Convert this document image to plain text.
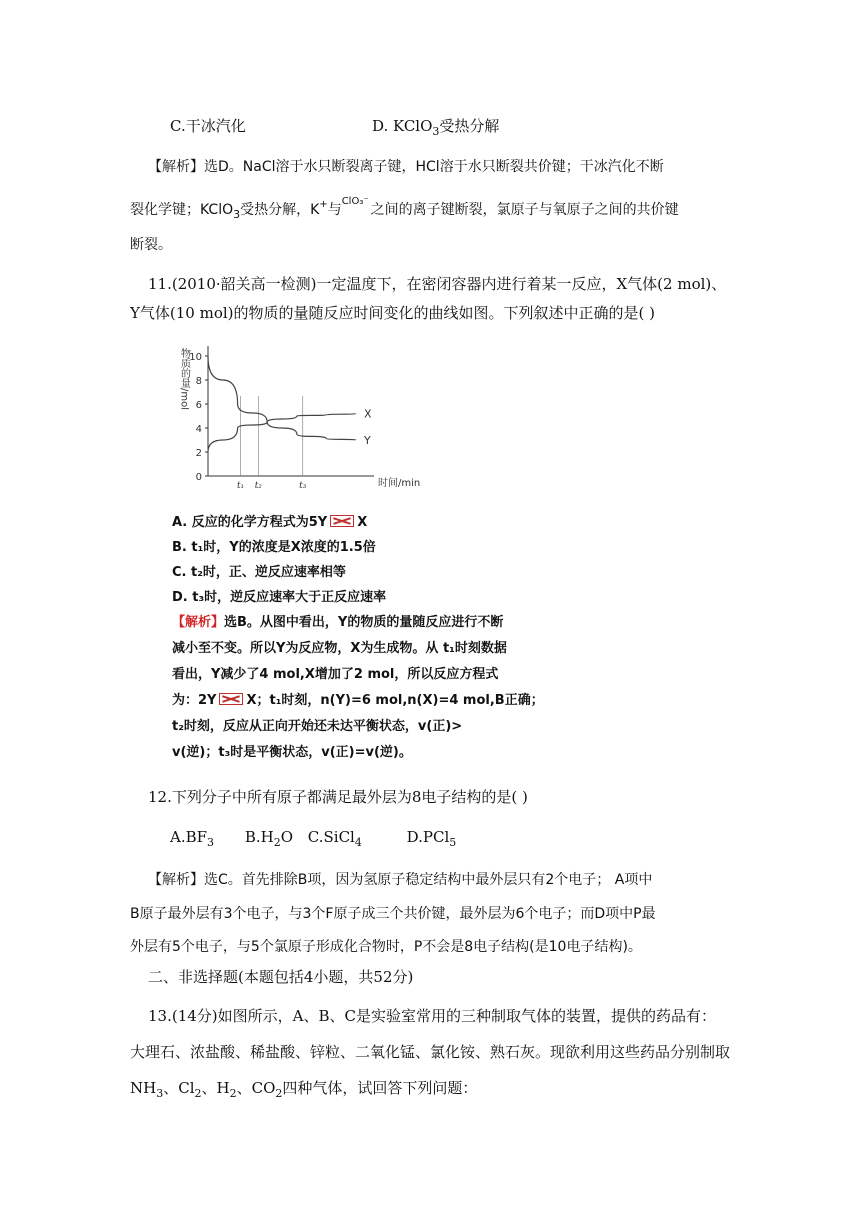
C.干冰汽化	D. KClO$_3$受热分解
【解析】选D。NaCl溶于水只断裂离子键，HCl溶于水只断裂共价键；干冰汽化不断
裂化学键；KClO$_3$受热分解，K+与$^{ClO_3^-}$之间的离子键断裂，氯原子与氧原子之间的共价键
断裂。
11.(2010·韶关高一检测)一定温度下，在密闭容器内进行着某一反应，X气体(2 mol)、
Y气体(10 mol)的物质的量随反应时间变化的曲线如图。下列叙述中正确的是( )
10
8
6
4
2
0
t₁ t₂	t₃
物质的量/mol
时间/min
X
Y
A. 反应的化学方程式为5Y X
B. t₁时，Y的浓度是X浓度的1.5倍
C. t₂时，正、逆反应速率相等
D. t₃时，逆反应速率大于正反应速率
【解析】选B。从图中看出，Y的物质的量随反应进行不断
减小至不变。所以Y为反应物，X为生成物。从 t₁时刻数据
看出，Y减少了4 mol,X增加了2 mol，所以反应方程式
为：2Y X；t₁时刻，n(Y)=6 mol,n(X)=4 mol,B正确；
t₂时刻，反应从正向开始还未达平衡状态，v(正)>
v(逆)；t₃时是平衡状态，v(正)=v(逆)。
12.下列分子中所有原子都满足最外层为8电子结构的是( )
$A.BF_3$ $B.H_2O$ C.SiCl$_4$	D.PCl$_5$
【解析】选C。首先排除B项，因为氢原子稳定结构中最外层只有2个电子； A项中
B原子最外层有3个电子，与3个F原子成三个共价键，最外层为6个电子；而D项中P最
外层有5个电子，与5个氯原子形成化合物时，P不会是8电子结构(是10电子结构)。
二、非选择题(本题包括4小题，共52分)
13.(14分)如图所示，A、B、C是实验室常用的三种制取气体的装置，提供的药品有：
大理石、浓盐酸、稀盐酸、锌粒、二氧化锰、氯化铵、熟石灰。现欲利用这些药品分别制取
$NH_3$、$Cl_2$、$H_2$、$CO_2$四种气体，试回答下列问题：
